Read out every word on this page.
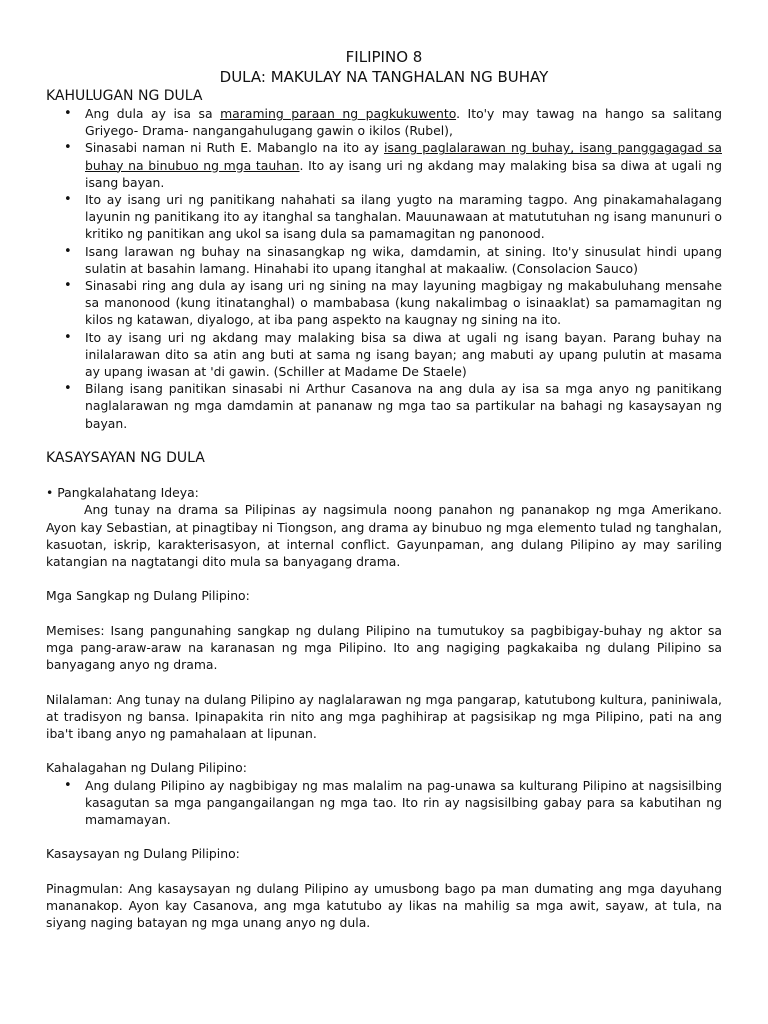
FILIPINO 8
DULA: MAKULAY NA TANGHALAN NG BUHAY
KAHULUGAN NG DULA
• Ang dula ay isa sa maraming paraan ng pagkukuwento. Ito'y may tawag na hango sa salitang Griyego- Drama- nangangahulugang gawin o ikilos (Rubel),
• Sinasabi naman ni Ruth E. Mabanglo na ito ay isang paglalarawan ng buhay, isang panggagagad sa buhay na binubuo ng mga tauhan. Ito ay isang uri ng akdang may malaking bisa sa diwa at ugali ng isang bayan.
• Ito ay isang uri ng panitikang nahahati sa ilang yugto na maraming tagpo. Ang pinakamahalagang layunin ng panitikang ito ay itanghal sa tanghalan. Mauunawaan at matututuhan ng isang manunuri o kritiko ng panitikan ang ukol sa isang dula sa pamamagitan ng panonood.
• Isang larawan ng buhay na sinasangkap ng wika, damdamin, at sining. Ito'y sinusulat hindi upang sulatin at basahin lamang. Hinahabi ito upang itanghal at makaaliw. (Consolacion Sauco)
• Sinasabi ring ang dula ay isang uri ng sining na may layuning magbigay ng makabuluhang mensahe sa manonood (kung itinatanghal) o mambabasa (kung nakalimbag o isinaaklat) sa pamamagitan ng kilos ng katawan, diyalogo, at iba pang aspekto na kaugnay ng sining na ito.
• Ito ay isang uri ng akdang may malaking bisa sa diwa at ugali ng isang bayan. Parang buhay na inilalarawan dito sa atin ang buti at sama ng isang bayan; ang mabuti ay upang pulutin at masama ay upang iwasan at 'di gawin. (Schiller at Madame De Staele)
• Bilang isang panitikan sinasabi ni Arthur Casanova na ang dula ay isa sa mga anyo ng panitikang naglalarawan ng mga damdamin at pananaw ng mga tao sa partikular na bahagi ng kasaysayan ng bayan.
KASAYSAYAN NG DULA

• Pangkalahatang Ideya:

Ang tunay na drama sa Pilipinas ay nagsimula noong panahon ng pananakop ng mga Amerikano. Ayon kay Sebastian, at pinagtibay ni Tiongson, ang drama ay binubuo ng mga elemento tulad ng tanghalan, kasuotan, iskrip, karakterisasyon, at internal conflict. Gayunpaman, ang dulang Pilipino ay may sariling katangian na nagtatangi dito mula sa banyagang drama.

Mga Sangkap ng Dulang Pilipino:

Memises: Isang pangunahing sangkap ng dulang Pilipino na tumutukoy sa pagbibigay-buhay ng aktor sa mga pang-araw-araw na karanasan ng mga Pilipino. Ito ang nagiging pagkakaiba ng dulang Pilipino sa banyagang anyo ng drama.

Nilalaman: Ang tunay na dulang Pilipino ay naglalarawan ng mga pangarap, katutubong kultura, paniniwala, at tradisyon ng bansa. Ipinapakita rin nito ang mga paghihirap at pagsisikap ng mga Pilipino, pati na ang iba't ibang anyo ng pamahalaan at lipunan.

Kahalagahan ng Dulang Pilipino:

• Ang dulang Pilipino ay nagbibigay ng mas malalim na pag-unawa sa kulturang Pilipino at nagsisilbing kasagutan sa mga pangangailangan ng mga tao. Ito rin ay nagsisilbing gabay para sa kabutihan ng mamamayan.

Kasaysayan ng Dulang Pilipino:

Pinagmulan: Ang kasaysayan ng dulang Pilipino ay umusbong bago pa man dumating ang mga dayuhang mananakop. Ayon kay Casanova, ang mga katutubo ay likas na mahilig sa mga awit, sayaw, at tula, na siyang naging batayan ng mga unang anyo ng dula.
